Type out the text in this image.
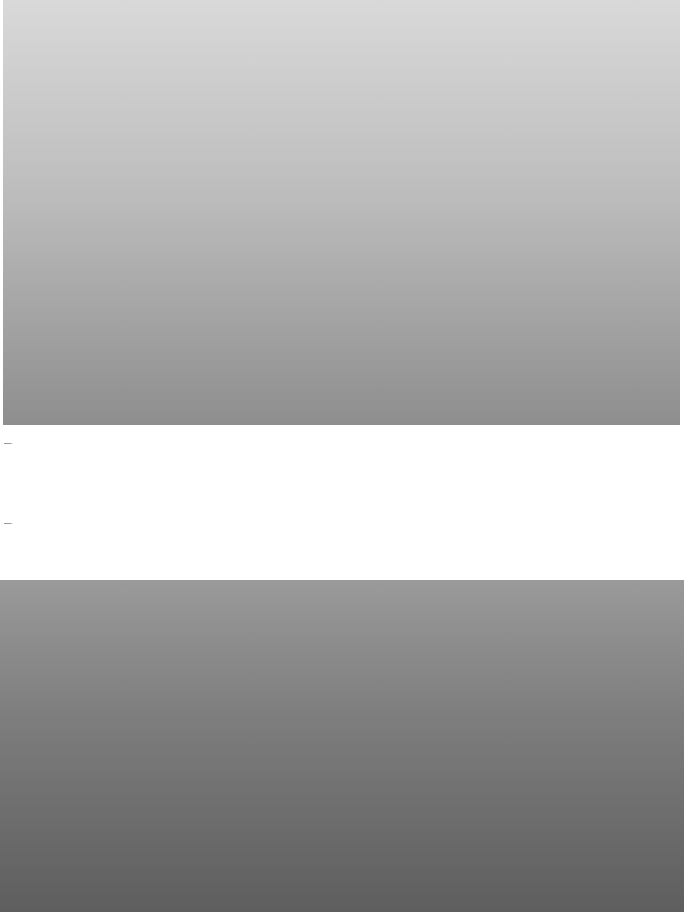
—
—
